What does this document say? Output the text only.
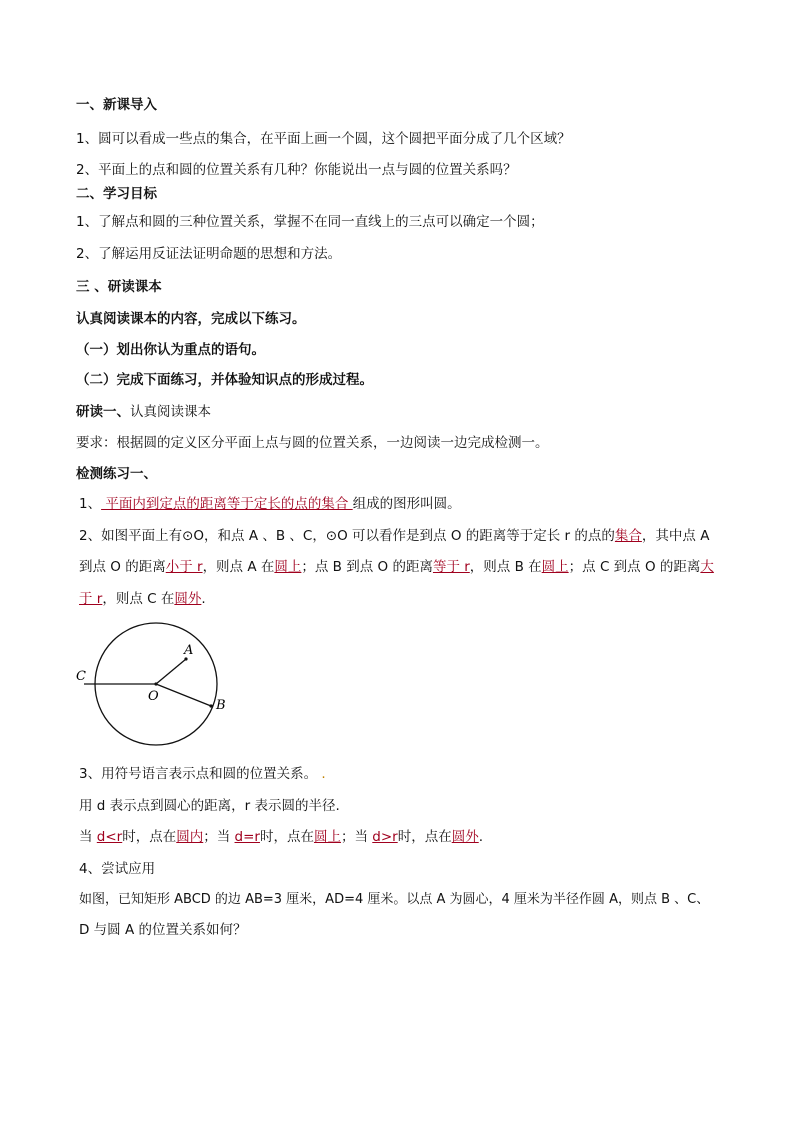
一、新课导入
1、圆可以看成一些点的集合，在平面上画一个圆，这个圆把平面分成了几个区域？
2、平面上的点和圆的位置关系有几种？你能说出一点与圆的位置关系吗？
二、学习目标
1、了解点和圆的三种位置关系，掌握不在同一直线上的三点可以确定一个圆；
2、了解运用反证法证明命题的思想和方法。
三 、研读课本
认真阅读课本的内容，完成以下练习。
（一）划出你认为重点的语句。
（二）完成下面练习，并体验知识点的形成过程。
研读一、认真阅读课本
要求：根据圆的定义区分平面上点与圆的位置关系，一边阅读一边完成检测一。
检测练习一、
1、 平面内到定点的距离等于定长的点的集合 组成的图形叫圆。
2、如图平面上有⊙O，和点 A 、B 、C，⊙O 可以看作是到点 O 的距离等于定长 r 的点的集合，其中点 A
到点 O 的距离小于 r，则点 A 在圆上；点 B 到点 O 的距离等于 r，则点 B 在圆上；点 C 到点 O 的距离大
于 r，则点 C 在圆外.
A
B
C
O
3、用符号语言表示点和圆的位置关系。 .
用 d 表示点到圆心的距离，r 表示圆的半径.
当 d<r时，点在圆内；当 d=r时，点在圆上；当 d>r时，点在圆外.
4、尝试应用
如图，已知矩形 ABCD 的边 AB=3 厘米，AD=4 厘米。以点 A 为圆心，4 厘米为半径作圆 A，则点 B 、C、
D 与圆 A 的位置关系如何？
